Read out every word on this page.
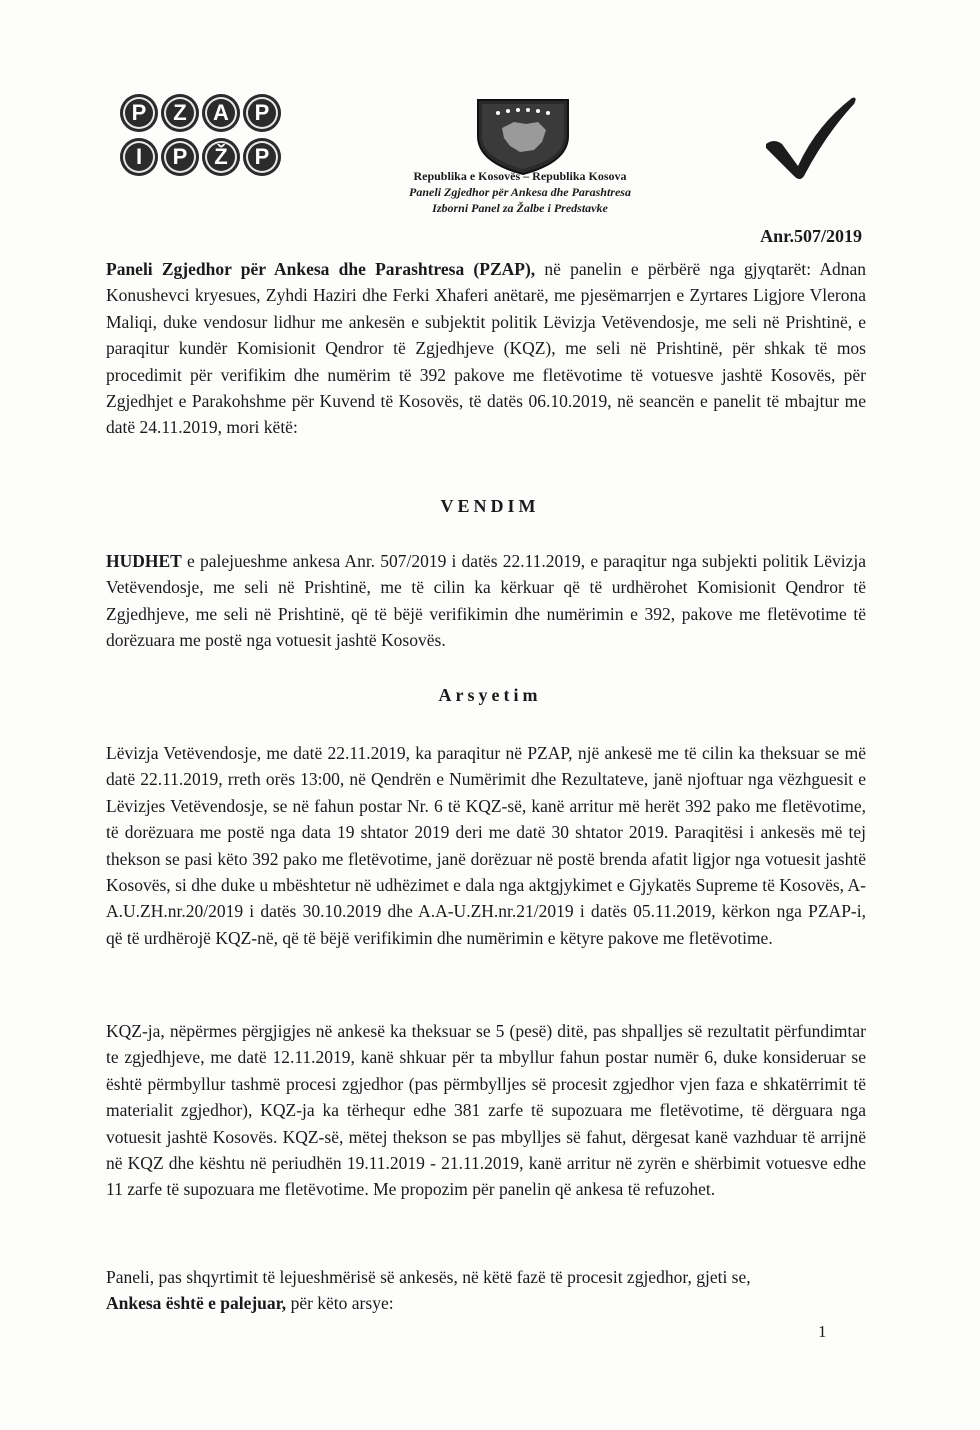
P	Z	A	P
I	P	Ž	P
Republika e Kosovës – Republika Kosova
Paneli Zgjedhor për Ankesa dhe Parashtresa
Izborni Panel za Žalbe i Predstavke
Anr.507/2019
Paneli Zgjedhor për Ankesa dhe Parashtresa (PZAP), në panelin e përbërë nga gjyqtarët: Adnan Konushevci kryesues, Zyhdi Haziri dhe Ferki Xhaferi anëtarë, me pjesëmarrjen e Zyrtares Ligjore Vlerona Maliqi, duke vendosur lidhur me ankesën e subjektit politik Lëvizja Vetëvendosje, me seli në Prishtinë, e paraqitur kundër Komisionit Qendror të Zgjedhjeve (KQZ), me seli në Prishtinë, për shkak të mos procedimit për verifikim dhe numërim të 392 pakove me fletëvotime të votuesve jashtë Kosovës, për Zgjedhjet e Parakohshme për Kuvend të Kosovës, të datës 06.10.2019, në seancën e panelit të mbajtur me datë 24.11.2019, mori këtë:
VENDIM
HUDHET e palejueshme ankesa Anr. 507/2019 i datës 22.11.2019, e paraqitur nga subjekti politik Lëvizja Vetëvendosje, me seli në Prishtinë, me të cilin ka kërkuar që të urdhërohet Komisionit Qendror të Zgjedhjeve, me seli në Prishtinë, që të bëjë verifikimin dhe numërimin e 392, pakove me fletëvotime të dorëzuara me postë nga votuesit jashtë Kosovës.
Arsyetim
Lëvizja Vetëvendosje, me datë 22.11.2019, ka paraqitur në PZAP, një ankesë me të cilin ka theksuar se më datë 22.11.2019, rreth orës 13:00, në Qendrën e Numërimit dhe Rezultateve, janë njoftuar nga vëzhguesit e Lëvizjes Vetëvendosje, se në fahun postar Nr. 6 të KQZ-së, kanë arritur më herët 392 pako me fletëvotime, të dorëzuara me postë nga data 19 shtator 2019 deri me datë 30 shtator 2019. Paraqitësi i ankesës më tej thekson se pasi këto 392 pako me fletëvotime, janë dorëzuar në postë brenda afatit ligjor nga votuesit jashtë Kosovës, si dhe duke u mbështetur në udhëzimet e dala nga aktgjykimet e Gjykatës Supreme të Kosovës, A-A.U.ZH.nr.20/2019 i datës 30.10.2019 dhe A.A-U.ZH.nr.21/2019 i datës 05.11.2019, kërkon nga PZAP-i, që të urdhërojë KQZ-në, që të bëjë verifikimin dhe numërimin e këtyre pakove me fletëvotime.
KQZ-ja, nëpërmes përgjigjes në ankesë ka theksuar se 5 (pesë) ditë, pas shpalljes së rezultatit përfundimtar te zgjedhjeve, me datë 12.11.2019, kanë shkuar për ta mbyllur fahun postar numër 6, duke konsideruar se është përmbyllur tashmë procesi zgjedhor (pas përmbylljes së procesit zgjedhor vjen faza e shkatërrimit të materialit zgjedhor), KQZ-ja ka tërhequr edhe 381 zarfe të supozuara me fletëvotime, të dërguara nga votuesit jashtë Kosovës. KQZ-së, mëtej thekson se pas mbylljes së fahut, dërgesat kanë vazhduar të arrijnë në KQZ dhe kështu në periudhën 19.11.2019 - 21.11.2019, kanë arritur në zyrën e shërbimit votuesve edhe 11 zarfe të supozuara me fletëvotime. Me propozim për panelin që ankesa të refuzohet.
Paneli, pas shqyrtimit të lejueshmërisë së ankesës, në këtë fazë të procesit zgjedhor, gjeti se,
Ankesa është e palejuar, për këto arsye:
1
